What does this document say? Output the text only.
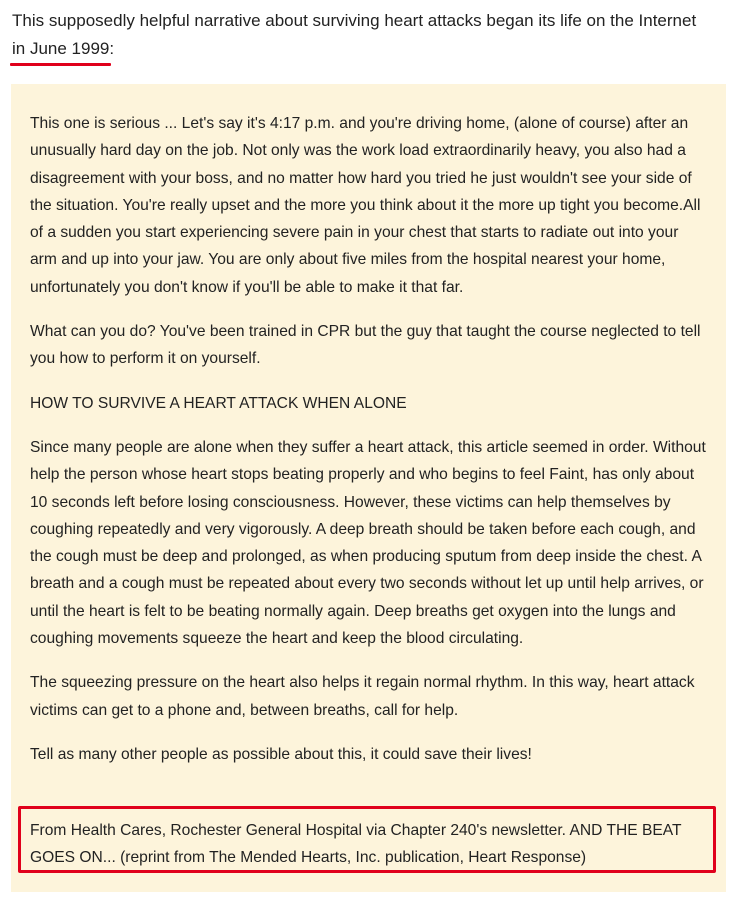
This supposedly helpful narrative about surviving heart attacks began its life on the Internet in June 1999:

This one is serious ... Let's say it's 4:17 p.m. and you're driving home, (alone of course) after an unusually hard day on the job. Not only was the work load extraordinarily heavy, you also had a disagreement with your boss, and no matter how hard you tried he just wouldn't see your side of the situation. You're really upset and the more you think about it the more up tight you become.All of a sudden you start experiencing severe pain in your chest that starts to radiate out into your arm and up into your jaw. You are only about five miles from the hospital nearest your home, unfortunately you don't know if you'll be able to make it that far.

What can you do? You've been trained in CPR but the guy that taught the course neglected to tell you how to perform it on yourself.

HOW TO SURVIVE A HEART ATTACK WHEN ALONE

Since many people are alone when they suffer a heart attack, this article seemed in order. Without help the person whose heart stops beating properly and who begins to feel Faint, has only about 10 seconds left before losing consciousness. However, these victims can help themselves by coughing repeatedly and very vigorously. A deep breath should be taken before each cough, and the cough must be deep and prolonged, as when producing sputum from deep inside the chest. A breath and a cough must be repeated about every two seconds without let up until help arrives, or until the heart is felt to be beating normally again. Deep breaths get oxygen into the lungs and coughing movements squeeze the heart and keep the blood circulating.

The squeezing pressure on the heart also helps it regain normal rhythm. In this way, heart attack victims can get to a phone and, between breaths, call for help.

Tell as many other people as possible about this, it could save their lives!

From Health Cares, Rochester General Hospital via Chapter 240's newsletter. AND THE BEAT GOES ON... (reprint from The Mended Hearts, Inc. publication, Heart Response)
